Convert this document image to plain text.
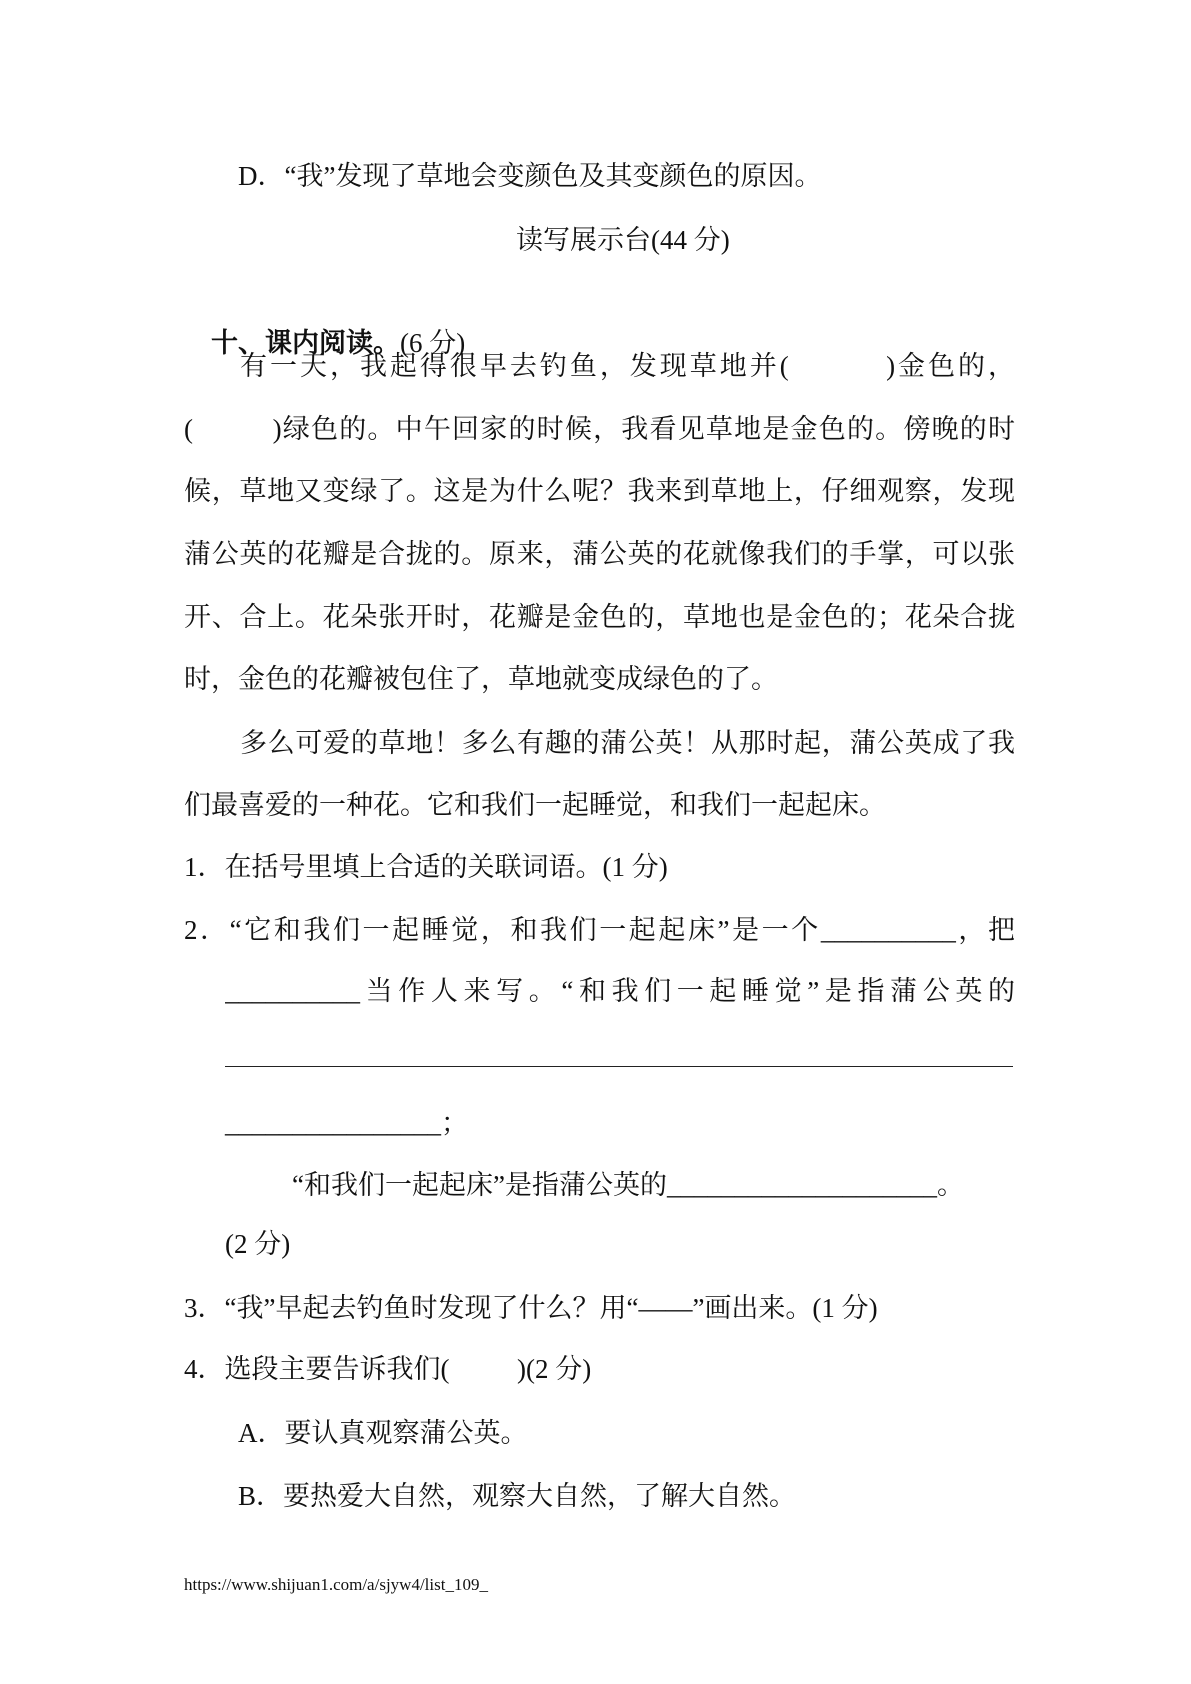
D．“我”发现了草地会变颜色及其变颜色的原因。
读写展示台(44 分)

十、课内阅读。(6 分)

有一天，我起得很早去钓鱼，发现草地并(          )金色的，
(          )绿色的。中午回家的时候，我看见草地是金色的。傍晚的时
候，草地又变绿了。这是为什么呢？我来到草地上，仔细观察，发现
蒲公英的花瓣是合拢的。原来，蒲公英的花就像我们的手掌，可以张
开、合上。花朵张开时，花瓣是金色的，草地也是金色的；花朵合拢
时，金色的花瓣被包住了，草地就变成绿色的了。
多么可爱的草地！多么有趣的蒲公英！从那时起，蒲公英成了我
们最喜爱的一种花。它和我们一起睡觉，和我们一起起床。
1．在括号里填上合适的关联词语。(1 分)
2．“它和我们一起睡觉，和我们一起起床”是一个__________，把
__________当作人来写。“和我们一起睡觉”是指蒲公英的
________________；
“和我们一起起床”是指蒲公英的____________________。
(2 分)
3．“我”早起去钓鱼时发现了什么？用“——”画出来。(1 分)
4．选段主要告诉我们(          )(2 分)
A．要认真观察蒲公英。
B．要热爱大自然，观察大自然，了解大自然。
https://www.shijuan1.com/a/sjyw4/list_109_
